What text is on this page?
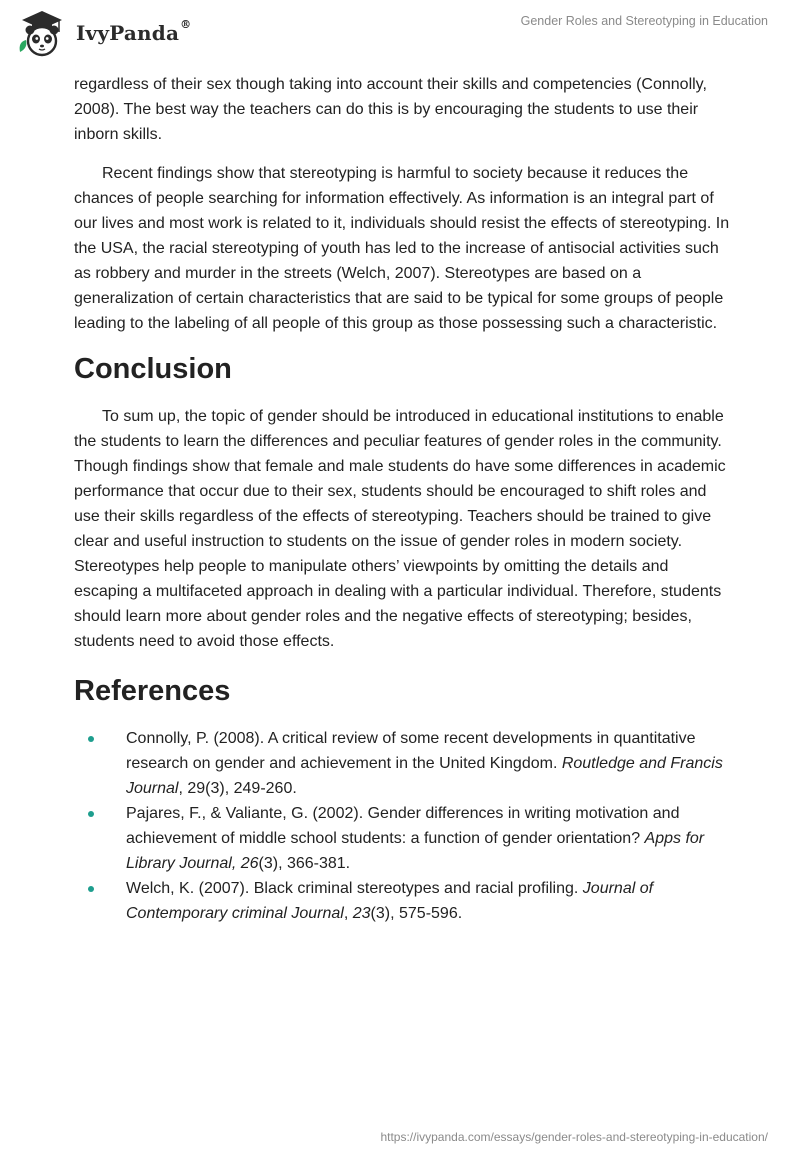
IvyPanda®	Gender Roles and Stereotyping in Education

regardless of their sex though taking into account their skills and competencies (Connolly, 2008). The best way the teachers can do this is by encouraging the students to use their inborn skills.

Recent findings show that stereotyping is harmful to society because it reduces the chances of people searching for information effectively. As information is an integral part of our lives and most work is related to it, individuals should resist the effects of stereotyping. In the USA, the racial stereotyping of youth has led to the increase of antisocial activities such as robbery and murder in the streets (Welch, 2007). Stereotypes are based on a generalization of certain characteristics that are said to be typical for some groups of people leading to the labeling of all people of this group as those possessing such a characteristic.

Conclusion

To sum up, the topic of gender should be introduced in educational institutions to enable the students to learn the differences and peculiar features of gender roles in the community. Though findings show that female and male students do have some differences in academic performance that occur due to their sex, students should be encouraged to shift roles and use their skills regardless of the effects of stereotyping. Teachers should be trained to give clear and useful instruction to students on the issue of gender roles in modern society. Stereotypes help people to manipulate others’ viewpoints by omitting the details and escaping a multifaceted approach in dealing with a particular individual. Therefore, students should learn more about gender roles and the negative effects of stereotyping; besides, students need to avoid those effects.

References
Connolly, P. (2008). A critical review of some recent developments in quantitative research on gender and achievement in the United Kingdom. Routledge and Francis Journal, 29(3), 249-260.
Pajares, F., & Valiante, G. (2002). Gender differences in writing motivation and achievement of middle school students: a function of gender orientation? Apps for Library Journal, 26(3), 366-381.
Welch, K. (2007). Black criminal stereotypes and racial profiling. Journal of Contemporary criminal Journal, 23(3), 575-596.
https://ivypanda.com/essays/gender-roles-and-stereotyping-in-education/
